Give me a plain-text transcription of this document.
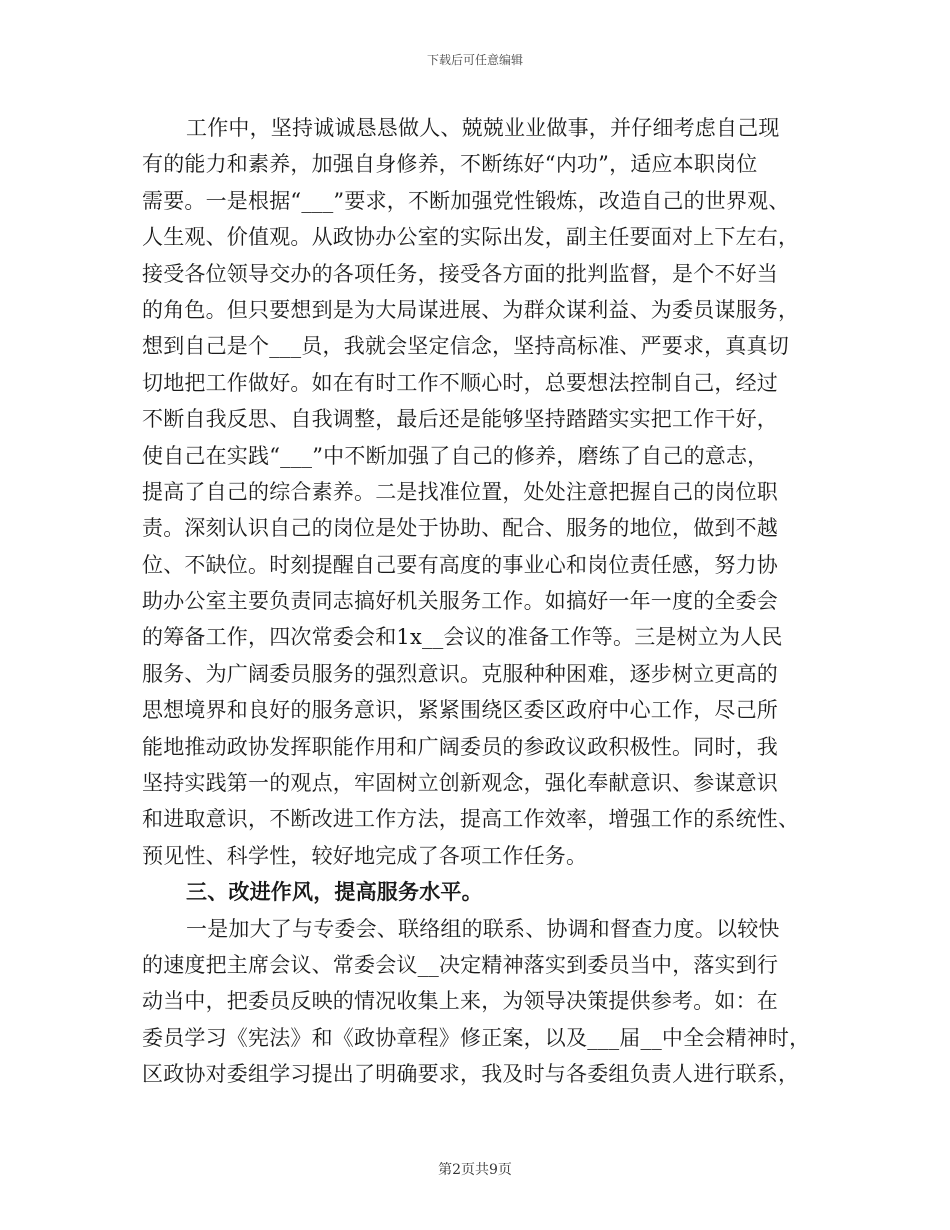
下载后可任意编辑
工作中，坚持诚诚恳恳做人、兢兢业业做事，并仔细考虑自己现
有的能力和素养，加强自身修养，不断练好“内功”，适应本职岗位
需要。一是根据“___”要求，不断加强党性锻炼，改造自己的世界观、
人生观、价值观。从政协办公室的实际出发，副主任要面对上下左右，
接受各位领导交办的各项任务，接受各方面的批判监督，是个不好当
的角色。但只要想到是为大局谋进展、为群众谋利益、为委员谋服务，
想到自己是个___员，我就会坚定信念，坚持高标准、严要求，真真切
切地把工作做好。如在有时工作不顺心时，总要想法控制自己，经过
不断自我反思、自我调整，最后还是能够坚持踏踏实实把工作干好，
使自己在实践“___”中不断加强了自己的修养，磨练了自己的意志，
提高了自己的综合素养。二是找准位置，处处注意把握自己的岗位职
责。深刻认识自己的岗位是处于协助、配合、服务的地位，做到不越
位、不缺位。时刻提醒自己要有高度的事业心和岗位责任感，努力协
助办公室主要负责同志搞好机关服务工作。如搞好一年一度的全委会
的筹备工作，四次常委会和1x__会议的准备工作等。三是树立为人民
服务、为广阔委员服务的强烈意识。克服种种困难，逐步树立更高的
思想境界和良好的服务意识，紧紧围绕区委区政府中心工作，尽己所
能地推动政协发挥职能作用和广阔委员的参政议政积极性。同时，我
坚持实践第一的观点，牢固树立创新观念，强化奉献意识、参谋意识
和进取意识，不断改进工作方法，提高工作效率，增强工作的系统性、
预见性、科学性，较好地完成了各项工作任务。
三、改进作风，提高服务水平。
一是加大了与专委会、联络组的联系、协调和督查力度。以较快
的速度把主席会议、常委会议__决定精神落实到委员当中，落实到行
动当中，把委员反映的情况收集上来，为领导决策提供参考。如：在
委员学习《宪法》和《政协章程》修正案，以及___届__中全会精神时，
区政协对委组学习提出了明确要求，我及时与各委组负责人进行联系，
第2页共9页
